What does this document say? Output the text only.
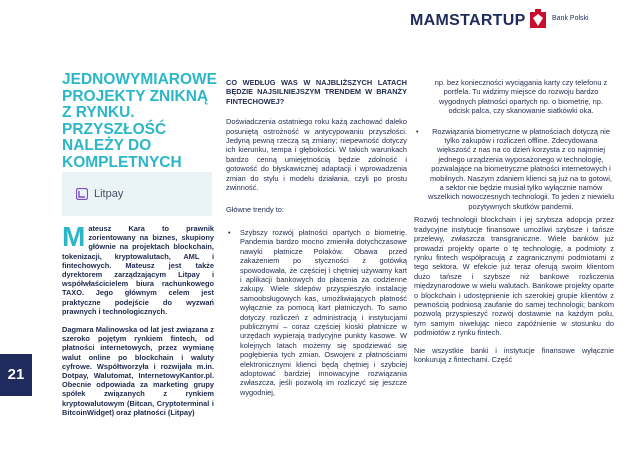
21
MAMSTARTUP	Bank Polski
JEDNOWYMIAROWE PROJEKTY ZNIKNĄ Z RYNKU. PRZYSZŁOŚĆ NALEŻY DO KOMPLETNYCH
Litpay

Mateusz Kara to prawnik zorientowany na biznes, skupiony głównie na projektach blockchain, tokenizacji, kryptowalutach, AML i fintechowych. Mateusz jest także dyrektorem zarządzającym Litpay i współwłaścicielem biura rachunkowego TAXO. Jego głównym celem jest praktyczne podejście do wyzwań prawnych i technologicznych.

Dagmara Malinowska od lat jest związana z szeroko pojętym rynkiem fintech, od płatności internetowych, przez wymianę walut online po blockchain i waluty cyfrowe. Współtworzyła i rozwijała m.in. Dotpay, Walutomat, InternetowyKantor.pl. Obecnie odpowiada za marketing grupy spółek związanych z rynkiem kryptowalutowym (Bitcan, Cryptoterminal i BitcoinWidget) oraz płatności (Litpay)

CO WEDŁUG WAS W NAJBLIŻSZYCH LATACH BĘDZIE NAJSILNIEJSZYM TRENDEM W BRANŻY FINTECHOWEJ?

Doświadczenia ostatniego roku każą zachować daleko posuniętą ostrożność w antycypowaniu przyszłości. Jedyną pewną rzeczą są zmiany; niepewność dotyczy ich kierunku, tempa i głębokości. W takich warunkach bardzo cenną umiejętnością będzie zdolność i gotowość do błyskawicznej adaptacji i wprowadzenia zmian do stylu i modelu działania, czyli po prostu zwinność.

Główne trendy to:

• Szybszy rozwój płatności opartych o biometrię. Pandemia bardzo mocno zmieniła dotychczasowe nawyki płatnicze Polaków. Obawa przed zakażeniem po styczności z gotówką spowodowała, że częściej i chętniej używamy kart i aplikacji bankowych do płacenia za codzienne zakupy. Wiele sklepów przyspieszyło instalację samoobsługowych kas, umożliwiających płatność wyłącznie za pomocą kart płatniczych. To samo dotyczy rozliczeń z administracją i instytucjami publicznymi – coraz częściej kioski płatnicze w urzędach wypierają tradycyjne punkty kasowe. W kolejnych latach możemy się spodziewać się pogłębienia tych zmian. Oswojeni z płatnościami elektronicznymi klienci będą chętniej i szybciej adoptować bardziej innowacyjne rozwiązania zwłaszcza, jeśli pozwolą im rozliczyć się jeszcze wygodniej,
np. bez konieczności wyciągania karty czy telefonu z portfela. Tu widzimy miejsce do rozwoju bardzo wygodnych płatności opartych np. o biometrię, np. odcisk palca, czy skanowanie siatkówki oka.
• Rozwiązania biometryczne w płatnościach dotyczą nie tylko zakupów i rozliczeń offline. Zdecydowana większość z nas na co dzień korzysta z co najmniej jednego urządzenia wyposażonego w technologię, pozwalające na biometryczne płatności internetowych i mobilnych. Naszym zdaniem klienci są już na to gotowi, a sektor nie będzie musiał tylko wyłącznie namów wszelkich nowoczesnych technologii. To jeden z niewielu pozytywnych skutków pandemii.

Rozwój technologii blockchain i jej szybsza adopcja przez tradycyjne instytucje finansowe umożliwi szybsze i tańsze przelewy, zwłaszcza transgraniczne. Wiele banków już prowadzi projekty oparte o tę technologię, a podmioty z rynku fintech współpracują z zagranicznymi podmiotami z tego sektora. W efekcie już teraz oferują swoim klientom dużo tańsze i szybsze niż bankowe rozliczenia międzynarodowe w wielu walutach. Bankowe projekty oparte o blockchain i udostępnienie ich szerokiej grupie klientów z pewnością podniosą zaufanie do samej technologii; bankom pozwolą przyspieszyć rozwój dostawnie na każdym polu, tym samym niwelując nieco zapóźnienie w stosunku do podmiotów z rynku fintech.

Nie wszystkie banki i instytucje finansowe wyłącznie konkurują z fintechami. Część
